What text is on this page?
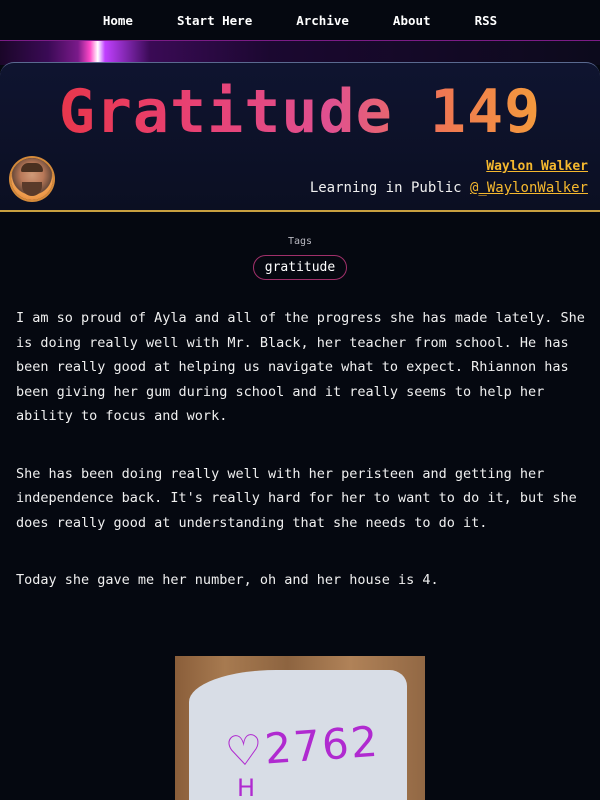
Home	Start Here	Archive	About	RSS
Gratitude 149
Waylon Walker
Learning in Public @_WaylonWalker
Tags
gratitude

I am so proud of Ayla and all of the progress she has made lately. She is doing really well with Mr. Black, her teacher from school. He has been really good at helping us navigate what to expect. Rhiannon has been giving her gum during school and it really seems to help her ability to focus and work.

She has been doing really well with her peristeen and getting her independence back. It's really hard for her to want to do it, but she does really good at understanding that she needs to do it.

Today she gave me her number, oh and her house is 4.

♡2762
H
